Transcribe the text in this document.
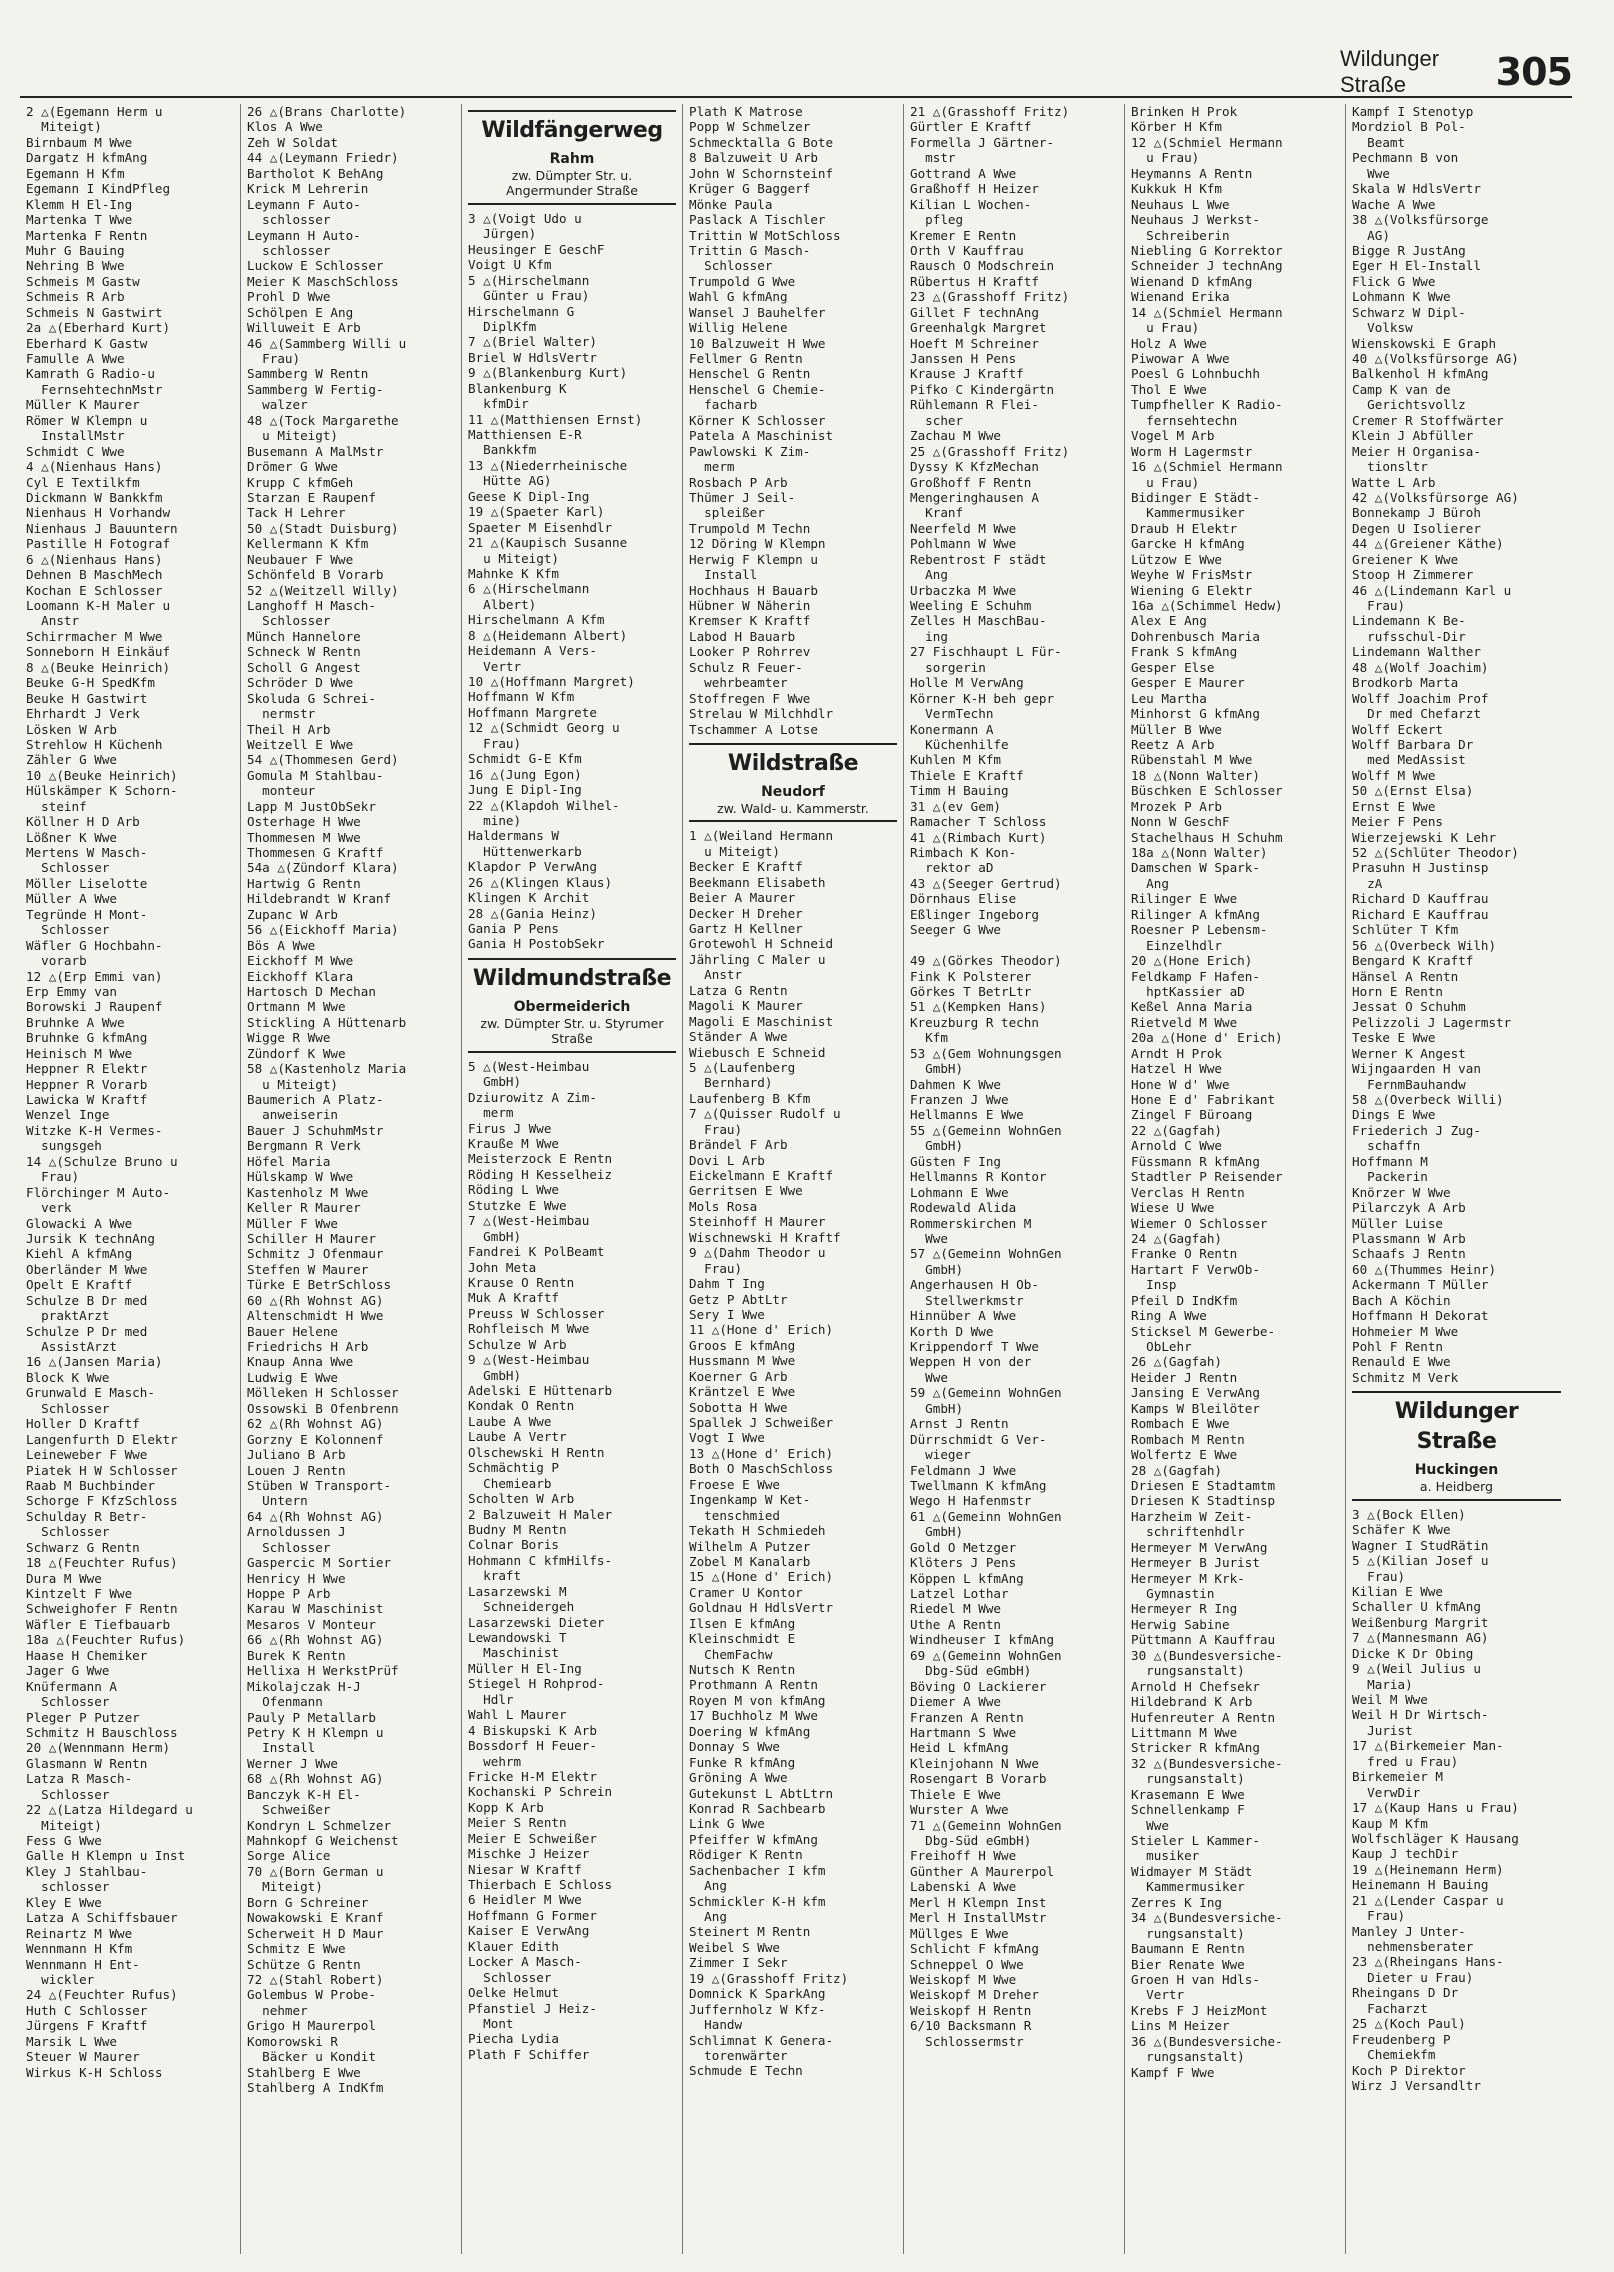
Wildunger Straße	305
2 △(Egemann Herm u
Miteigt)
Birnbaum M Wwe
Dargatz H kfmAng
Egemann H Kfm
Egemann I KindPfleg
Klemm H El-Ing
Martenka T Wwe
Martenka F Rentn
Muhr G Bauing
Nehring B Wwe
Schmeis M Gastw
Schmeis R Arb
Schmeis N Gastwirt
2a △(Eberhard Kurt)
Eberhard K Gastw
Famulle A Wwe
Kamrath G Radio-u
FernsehtechnMstr
Müller K Maurer
Römer W Klempn u
InstallMstr
Schmidt C Wwe
4 △(Nienhaus Hans)
Cyl E Textilkfm
Dickmann W Bankkfm
Nienhaus H Vorhandw
Nienhaus J Bauuntern
Pastille H Fotograf
6 △(Nienhaus Hans)
Dehnen B MaschMech
Kochan E Schlosser
Loomann K-H Maler u
Anstr
Schirrmacher M Wwe
Sonneborn H Einkäuf
8 △(Beuke Heinrich)
Beuke G-H SpedKfm
Beuke H Gastwirt
Ehrhardt J Verk
Lösken W Arb
Strehlow H Küchenh
Zähler G Wwe
10 △(Beuke Heinrich)
Hülskämper K Schorn-
steinf
Köllner H D Arb
Lößner K Wwe
Mertens W Masch-
Schlosser
Möller Liselotte
Müller A Wwe
Tegründe H Mont-
Schlosser
Wäfler G Hochbahn-
vorarb
12 △(Erp Emmi van)
Erp Emmy van
Borowski J Raupenf
Bruhnke A Wwe
Bruhnke G kfmAng
Heinisch M Wwe
Heppner R Elektr
Heppner R Vorarb
Lawicka W Kraftf
Wenzel Inge
Witzke K-H Vermes-
sungsgeh
14 △(Schulze Bruno u
Frau)
Flörchinger M Auto-
verk
Glowacki A Wwe
Jursik K technAng
Kiehl A kfmAng
Oberländer M Wwe
Opelt E Kraftf
Schulze B Dr med
praktArzt
Schulze P Dr med
AssistArzt
16 △(Jansen Maria)
Block K Wwe
Grunwald E Masch-
Schlosser
Holler D Kraftf
Langenfurth D Elektr
Leineweber F Wwe
Piatek H W Schlosser
Raab M Buchbinder
Schorge F KfzSchloss
Schulday R Betr-
Schlosser
Schwarz G Rentn
18 △(Feuchter Rufus)
Dura M Wwe
Kintzelt F Wwe
Schweighofer F Rentn
Wäfler E Tiefbauarb
18a △(Feuchter Rufus)
Haase H Chemiker
Jager G Wwe
Knüfermann A
Schlosser
Pleger P Putzer
Schmitz H Bauschloss
20 △(Wennmann Herm)
Glasmann W Rentn
Latza R Masch-
Schlosser
22 △(Latza Hildegard u
Miteigt)
Fess G Wwe
Galle H Klempn u Inst
Kley J Stahlbau-
schlosser
Kley E Wwe
Latza A Schiffsbauer
Reinartz M Wwe
Wennmann H Kfm
Wennmann H Ent-
wickler
24 △(Feuchter Rufus)
Huth C Schlosser
Jürgens F Kraftf
Marsik L Wwe
Steuer W Maurer
Wirkus K-H Schloss
26 △(Brans Charlotte)
Klos A Wwe
Zeh W Soldat
44 △(Leymann Friedr)
Bartholot K BehAng
Krick M Lehrerin
Leymann F Auto-
schlosser
Leymann H Auto-
schlosser
Luckow E Schlosser
Meier K MaschSchloss
Prohl D Wwe
Schölpen E Ang
Willuweit E Arb
46 △(Sammberg Willi u
Frau)
Sammberg W Rentn
Sammberg W Fertig-
walzer
48 △(Tock Margarethe
u Miteigt)
Busemann A MalMstr
Drömer G Wwe
Krupp C kfmGeh
Starzan E Raupenf
Tack H Lehrer
50 △(Stadt Duisburg)
Kellermann K Kfm
Neubauer F Wwe
Schönfeld B Vorarb
52 △(Weitzell Willy)
Langhoff H Masch-
Schlosser
Münch Hannelore
Schneck W Rentn
Scholl G Angest
Schröder D Wwe
Skoluda G Schrei-
nermstr
Theil H Arb
Weitzell E Wwe
54 △(Thommesen Gerd)
Gomula M Stahlbau-
monteur
Lapp M JustObSekr
Osterhage H Wwe
Thommesen M Wwe
Thommesen G Kraftf
54a △(Zündorf Klara)
Hartwig G Rentn
Hildebrandt W Kranf
Zupanc W Arb
56 △(Eickhoff Maria)
Bös A Wwe
Eickhoff M Wwe
Eickhoff Klara
Hartosch D Mechan
Ortmann M Wwe
Stickling A Hüttenarb
Wigge R Wwe
Zündorf K Wwe
58 △(Kastenholz Maria
u Miteigt)
Baumerich A Platz-
anweiserin
Bauer J SchuhmMstr
Bergmann R Verk
Höfel Maria
Hülskamp W Wwe
Kastenholz M Wwe
Keller R Maurer
Müller F Wwe
Schiller H Maurer
Schmitz J Ofenmaur
Steffen W Maurer
Türke E BetrSchloss
60 △(Rh Wohnst AG)
Altenschmidt H Wwe
Bauer Helene
Friedrichs H Arb
Knaup Anna Wwe
Ludwig E Wwe
Mölleken H Schlosser
Ossowski B Ofenbrenn
62 △(Rh Wohnst AG)
Gorzny E Kolonnenf
Juliano B Arb
Louen J Rentn
Stüben W Transport-
Untern
64 △(Rh Wohnst AG)
Arnoldussen J
Schlosser
Gaspercic M Sortier
Henricy H Wwe
Hoppe P Arb
Karau W Maschinist
Mesaros V Monteur
66 △(Rh Wohnst AG)
Burek K Rentn
Hellixa H WerkstPrüf
Mikolajczak H-J
Ofenmann
Pauly P Metallarb
Petry K H Klempn u
Install
Werner J Wwe
68 △(Rh Wohnst AG)
Banczyk K-H El-
Schweißer
Kondryn L Schmelzer
Mahnkopf G Weichenst
Sorge Alice
70 △(Born German u
Miteigt)
Born G Schreiner
Nowakowski E Kranf
Scherweit H D Maur
Schmitz E Wwe
Schütze G Rentn
72 △(Stahl Robert)
Golembus W Probe-
nehmer
Grigo H Maurerpol
Komorowski R
Bäcker u Kondit
Stahlberg E Wwe
Stahlberg A IndKfm
Wildfängerweg
Rahm
zw. Dümpter Str. u. Angermunder Straße
3 △(Voigt Udo u
Jürgen)
Heusinger E GeschF
Voigt U Kfm
5 △(Hirschelmann
Günter u Frau)
Hirschelmann G
DiplKfm
7 △(Briel Walter)
Briel W HdlsVertr
9 △(Blankenburg Kurt)
Blankenburg K
kfmDir
11 △(Matthiensen Ernst)
Matthiensen E-R
Bankkfm
13 △(Niederrheinische
Hütte AG)
Geese K Dipl-Ing
19 △(Spaeter Karl)
Spaeter M Eisenhdlr
21 △(Kaupisch Susanne
u Miteigt)
Mahnke K Kfm
6 △(Hirschelmann
Albert)
Hirschelmann A Kfm
8 △(Heidemann Albert)
Heidemann A Vers-
Vertr
10 △(Hoffmann Margret)
Hoffmann W Kfm
Hoffmann Margrete
12 △(Schmidt Georg u
Frau)
Schmidt G-E Kfm
16 △(Jung Egon)
Jung E Dipl-Ing
22 △(Klapdoh Wilhel-
mine)
Haldermans W
Hüttenwerkarb
Klapdor P VerwAng
26 △(Klingen Klaus)
Klingen K Archit
28 △(Gania Heinz)
Gania P Pens
Gania H PostobSekr
Wildmundstraße
Obermeiderich
zw. Dümpter Str. u. Styrumer Straße
5 △(West-Heimbau
GmbH)
Dziurowitz A Zim-
merm
Firus J Wwe
Krauße M Wwe
Meisterzock E Rentn
Röding H Kesselheiz
Röding L Wwe
Stutzke E Wwe
7 △(West-Heimbau
GmbH)
Fandrei K PolBeamt
John Meta
Krause O Rentn
Muk A Kraftf
Preuss W Schlosser
Rohfleisch M Wwe
Schulze W Arb
9 △(West-Heimbau
GmbH)
Adelski E Hüttenarb
Kondak O Rentn
Laube A Wwe
Laube A Vertr
Olschewski H Rentn
Schmächtig P
Chemiearb
Scholten W Arb
2 Balzuweit H Maler
Budny M Rentn
Colnar Boris
Hohmann C kfmHilfs-
kraft
Lasarzewski M
Schneidergeh
Lasarzewski Dieter
Lewandowski T
Maschinist
Müller H El-Ing
Stiegel H Rohprod-
Hdlr
Wahl L Maurer
4 Biskupski K Arb
Bossdorf H Feuer-
wehrm
Fricke H-M Elektr
Kochanski P Schrein
Kopp K Arb
Meier S Rentn
Meier E Schweißer
Mischke J Heizer
Niesar W Kraftf
Thierbach E Schloss
6 Heidler M Wwe
Hoffmann G Former
Kaiser E VerwAng
Klauer Edith
Locker A Masch-
Schlosser
Oelke Helmut
Pfanstiel J Heiz-
Mont
Piecha Lydia
Plath F Schiffer
Plath K Matrose
Popp W Schmelzer
Schmecktalla G Bote
8 Balzuweit U Arb
John W Schornsteinf
Krüger G Baggerf
Mönke Paula
Paslack A Tischler
Trittin W MotSchloss
Trittin G Masch-
Schlosser
Trumpold G Wwe
Wahl G kfmAng
Wansel J Bauhelfer
Willig Helene
10 Balzuweit H Wwe
Fellmer G Rentn
Henschel G Rentn
Henschel G Chemie-
facharb
Körner K Schlosser
Patela A Maschinist
Pawlowski K Zim-
merm
Rosbach P Arb
Thümer J Seil-
spleißer
Trumpold M Techn
12 Döring W Klempn
Herwig F Klempn u
Install
Hochhaus H Bauarb
Hübner W Näherin
Kremser K Kraftf
Labod H Bauarb
Looker P Rohrrev
Schulz R Feuer-
wehrbeamter
Stoffregen F Wwe
Strelau W Milchhdlr
Tschammer A Lotse
Wildstraße
Neudorf
zw. Wald- u. Kammerstr.
1 △(Weiland Hermann
u Miteigt)
Becker E Kraftf
Beekmann Elisabeth
Beier A Maurer
Decker H Dreher
Gartz H Kellner
Grotewohl H Schneid
Jährling C Maler u
Anstr
Latza G Rentn
Magoli K Maurer
Magoli E Maschinist
Ständer A Wwe
Wiebusch E Schneid
5 △(Laufenberg
Bernhard)
Laufenberg B Kfm
7 △(Quisser Rudolf u
Frau)
Brändel F Arb
Dovi L Arb
Eickelmann E Kraftf
Gerritsen E Wwe
Mols Rosa
Steinhoff H Maurer
Wischnewski H Kraftf
9 △(Dahm Theodor u
Frau)
Dahm T Ing
Getz P AbtLtr
Sery I Wwe
11 △(Hone d' Erich)
Groos E kfmAng
Hussmann M Wwe
Koerner G Arb
Kräntzel E Wwe
Sobotta H Wwe
Spallek J Schweißer
Vogt I Wwe
13 △(Hone d' Erich)
Both O MaschSchloss
Froese E Wwe
Ingenkamp W Ket-
tenschmied
Tekath H Schmiedeh
Wilhelm A Putzer
Zobel M Kanalarb
15 △(Hone d' Erich)
Cramer U Kontor
Goldnau H HdlsVertr
Ilsen E kfmAng
Kleinschmidt E
ChemFachw
Nutsch K Rentn
Prothmann A Rentn
Royen M von kfmAng
17 Buchholz M Wwe
Doering W kfmAng
Donnay S Wwe
Funke R kfmAng
Gröning A Wwe
Gutekunst L AbtLtrn
Konrad R Sachbearb
Link G Wwe
Pfeiffer W kfmAng
Rödiger K Rentn
Sachenbacher I kfm
Ang
Schmickler K-H kfm
Ang
Steinert M Rentn
Weibel S Wwe
Zimmer I Sekr
19 △(Grasshoff Fritz)
Domnick K SparkAng
Juffernholz W Kfz-
Handw
Schlimnat K Genera-
torenwärter
Schmude E Techn
21 △(Grasshoff Fritz)
Gürtler E Kraftf
Formella J Gärtner-
mstr
Gottrand A Wwe
Graßhoff H Heizer
Kilian L Wochen-
pfleg
Kremer E Rentn
Orth V Kauffrau
Rausch O Modschrein
Rübertus H Kraftf
23 △(Grasshoff Fritz)
Gillet F technAng
Greenhalgk Margret
Hoeft M Schreiner
Janssen H Pens
Krause J Kraftf
Pifko C Kindergärtn
Rühlemann R Flei-
scher
Zachau M Wwe
25 △(Grasshoff Fritz)
Dyssy K KfzMechan
Großhoff F Rentn
Mengeringhausen A
Kranf
Neerfeld M Wwe
Pohlmann W Wwe
Rebentrost F städt
Ang
Urbaczka M Wwe
Weeling E Schuhm
Zelles H MaschBau-
ing
27 Fischhaupt L Für-
sorgerin
Holle M VerwAng
Körner K-H beh gepr
VermTechn
Konermann A
Küchenhilfe
Kuhlen M Kfm
Thiele E Kraftf
Timm H Bauing
31 △(ev Gem)
Ramacher T Schloss
41 △(Rimbach Kurt)
Rimbach K Kon-
rektor aD
43 △(Seeger Gertrud)
Dörnhaus Elise
Eßlinger Ingeborg
Seeger G Wwe
49 △(Görkes Theodor)
Fink K Polsterer
Görkes T BetrLtr
51 △(Kempken Hans)
Kreuzburg R techn
Kfm
53 △(Gem Wohnungsgen
GmbH)
Dahmen K Wwe
Franzen J Wwe
Hellmanns E Wwe
55 △(Gemeinn WohnGen
GmbH)
Güsten F Ing
Hellmanns R Kontor
Lohmann E Wwe
Rodewald Alida
Rommerskirchen M
Wwe
57 △(Gemeinn WohnGen
GmbH)
Angerhausen H Ob-
Stellwerkmstr
Hinnüber A Wwe
Korth D Wwe
Krippendorf T Wwe
Weppen H von der
Wwe
59 △(Gemeinn WohnGen
GmbH)
Arnst J Rentn
Dürrschmidt G Ver-
wieger
Feldmann J Wwe
Twellmann K kfmAng
Wego H Hafenmstr
61 △(Gemeinn WohnGen
GmbH)
Gold O Metzger
Klöters J Pens
Köppen L kfmAng
Latzel Lothar
Riedel M Wwe
Uthe A Rentn
Windheuser I kfmAng
69 △(Gemeinn WohnGen
Dbg-Süd eGmbH)
Böving O Lackierer
Diemer A Wwe
Franzen A Rentn
Hartmann S Wwe
Heid L kfmAng
Kleinjohann N Wwe
Rosengart B Vorarb
Thiele E Wwe
Wurster A Wwe
71 △(Gemeinn WohnGen
Dbg-Süd eGmbH)
Freihoff H Wwe
Günther A Maurerpol
Labenski A Wwe
Merl H Klempn Inst
Merl H InstallMstr
Müllges E Wwe
Schlicht F kfmAng
Schneppel O Wwe
Weiskopf M Wwe
Weiskopf M Dreher
Weiskopf H Rentn
6/10 Backsmann R
Schlossermstr
Brinken H Prok
Körber H Kfm
12 △(Schmiel Hermann
u Frau)
Heymanns A Rentn
Kukkuk H Kfm
Neuhaus L Wwe
Neuhaus J Werkst-
Schreiberin
Niebling G Korrektor
Schneider J technAng
Wienand D kfmAng
Wienand Erika
14 △(Schmiel Hermann
u Frau)
Holz A Wwe
Piwowar A Wwe
Poesl G Lohnbuchh
Thol E Wwe
Tumpfheller K Radio-
fernsehtechn
Vogel M Arb
Worm H Lagermstr
16 △(Schmiel Hermann
u Frau)
Bidinger E Städt-
Kammermusiker
Draub H Elektr
Garcke H kfmAng
Lützow E Wwe
Weyhe W FrisMstr
Wiening G Elektr
16a △(Schimmel Hedw)
Alex E Ang
Dohrenbusch Maria
Frank S kfmAng
Gesper Else
Gesper E Maurer
Leu Martha
Minhorst G kfmAng
Müller B Wwe
Reetz A Arb
Rübenstahl M Wwe
18 △(Nonn Walter)
Büschken E Schlosser
Mrozek P Arb
Nonn W GeschF
Stachelhaus H Schuhm
18a △(Nonn Walter)
Damschen W Spark-
Ang
Rilinger E Wwe
Rilinger A kfmAng
Roesner P Lebensm-
Einzelhdlr
20 △(Hone Erich)
Feldkamp F Hafen-
hptKassier aD
Keßel Anna Maria
Rietveld M Wwe
20a △(Hone d' Erich)
Arndt H Prok
Hatzel H Wwe
Hone W d' Wwe
Hone E d' Fabrikant
Zingel F Büroang
22 △(Gagfah)
Arnold C Wwe
Füssmann R kfmAng
Stadtler P Reisender
Verclas H Rentn
Wiese U Wwe
Wiemer O Schlosser
24 △(Gagfah)
Franke O Rentn
Hartart F VerwOb-
Insp
Pfeil D IndKfm
Ring A Wwe
Sticksel M Gewerbe-
ObLehr
26 △(Gagfah)
Heider J Rentn
Jansing E VerwAng
Kamps W Bleilöter
Rombach E Wwe
Rombach M Rentn
Wolfertz E Wwe
28 △(Gagfah)
Driesen E Stadtamtm
Driesen K Stadtinsp
Harzheim W Zeit-
schriftenhdlr
Hermeyer M VerwAng
Hermeyer B Jurist
Hermeyer M Krk-
Gymnastin
Hermeyer R Ing
Herwig Sabine
Püttmann A Kauffrau
30 △(Bundesversiche-
rungsanstalt)
Arnold H Chefsekr
Hildebrand K Arb
Hufenreuter A Rentn
Littmann M Wwe
Stricker R kfmAng
32 △(Bundesversiche-
rungsanstalt)
Krasemann E Wwe
Schnellenkamp F
Wwe
Stieler L Kammer-
musiker
Widmayer M Städt
Kammermusiker
Zerres K Ing
34 △(Bundesversiche-
rungsanstalt)
Baumann E Rentn
Bier Renate Wwe
Groen H van Hdls-
Vertr
Krebs F J HeizMont
Lins M Heizer
36 △(Bundesversiche-
rungsanstalt)
Kampf F Wwe
Kampf I Stenotyp
Mordziol B Pol-
Beamt
Pechmann B von
Wwe
Skala W HdlsVertr
Wache A Wwe
38 △(Volksfürsorge
AG)
Bigge R JustAng
Eger H El-Install
Flick G Wwe
Lohmann K Wwe
Schwarz W Dipl-
Volksw
Wienskowski E Graph
40 △(Volksfürsorge AG)
Balkenhol H kfmAng
Camp K van de
Gerichtsvollz
Cremer R Stoffwärter
Klein J Abfüller
Meier H Organisa-
tionsltr
Watte L Arb
42 △(Volksfürsorge AG)
Bonnekamp J Büroh
Degen U Isolierer
44 △(Greiener Käthe)
Greiener K Wwe
Stoop H Zimmerer
46 △(Lindemann Karl u
Frau)
Lindemann K Be-
rufsschul-Dir
Lindemann Walther
48 △(Wolf Joachim)
Brodkorb Marta
Wolff Joachim Prof
Dr med Chefarzt
Wolff Eckert
Wolff Barbara Dr
med MedAssist
Wolff M Wwe
50 △(Ernst Elsa)
Ernst E Wwe
Meier F Pens
Wierzejewski K Lehr
52 △(Schlüter Theodor)
Prasuhn H Justinsp
zA
Richard D Kauffrau
Richard E Kauffrau
Schlüter T Kfm
56 △(Overbeck Wilh)
Bengard K Kraftf
Hänsel A Rentn
Horn E Rentn
Jessat O Schuhm
Pelizzoli J Lagermstr
Teske E Wwe
Werner K Angest
Wijngaarden H van
FernmBauhandw
58 △(Overbeck Willi)
Dings E Wwe
Friederich J Zug-
schaffn
Hoffmann M
Packerin
Knörzer W Wwe
Pilarczyk A Arb
Müller Luise
Plassmann W Arb
Schaafs J Rentn
60 △(Thummes Heinr)
Ackermann T Müller
Bach A Köchin
Hoffmann H Dekorat
Hohmeier M Wwe
Pohl F Rentn
Renauld E Wwe
Schmitz M Verk
Wildunger Straße
Huckingen
a. Heidberg
3 △(Bock Ellen)
Schäfer K Wwe
Wagner I StudRätin
5 △(Kilian Josef u
Frau)
Kilian E Wwe
Schaller U kfmAng
Weißenburg Margrit
7 △(Mannesmann AG)
Dicke K Dr Obing
9 △(Weil Julius u
Maria)
Weil M Wwe
Weil H Dr Wirtsch-
Jurist
17 △(Birkemeier Man-
fred u Frau)
Birkemeier M
VerwDir
17 △(Kaup Hans u Frau)
Kaup M Kfm
Wolfschläger K Hausang
Kaup J techDir
19 △(Heinemann Herm)
Heinemann H Bauing
21 △(Lender Caspar u
Frau)
Manley J Unter-
nehmensberater
23 △(Rheingans Hans-
Dieter u Frau)
Rheingans D Dr
Facharzt
25 △(Koch Paul)
Freudenberg P
Chemiekfm
Koch P Direktor
Wirz J Versandltr
